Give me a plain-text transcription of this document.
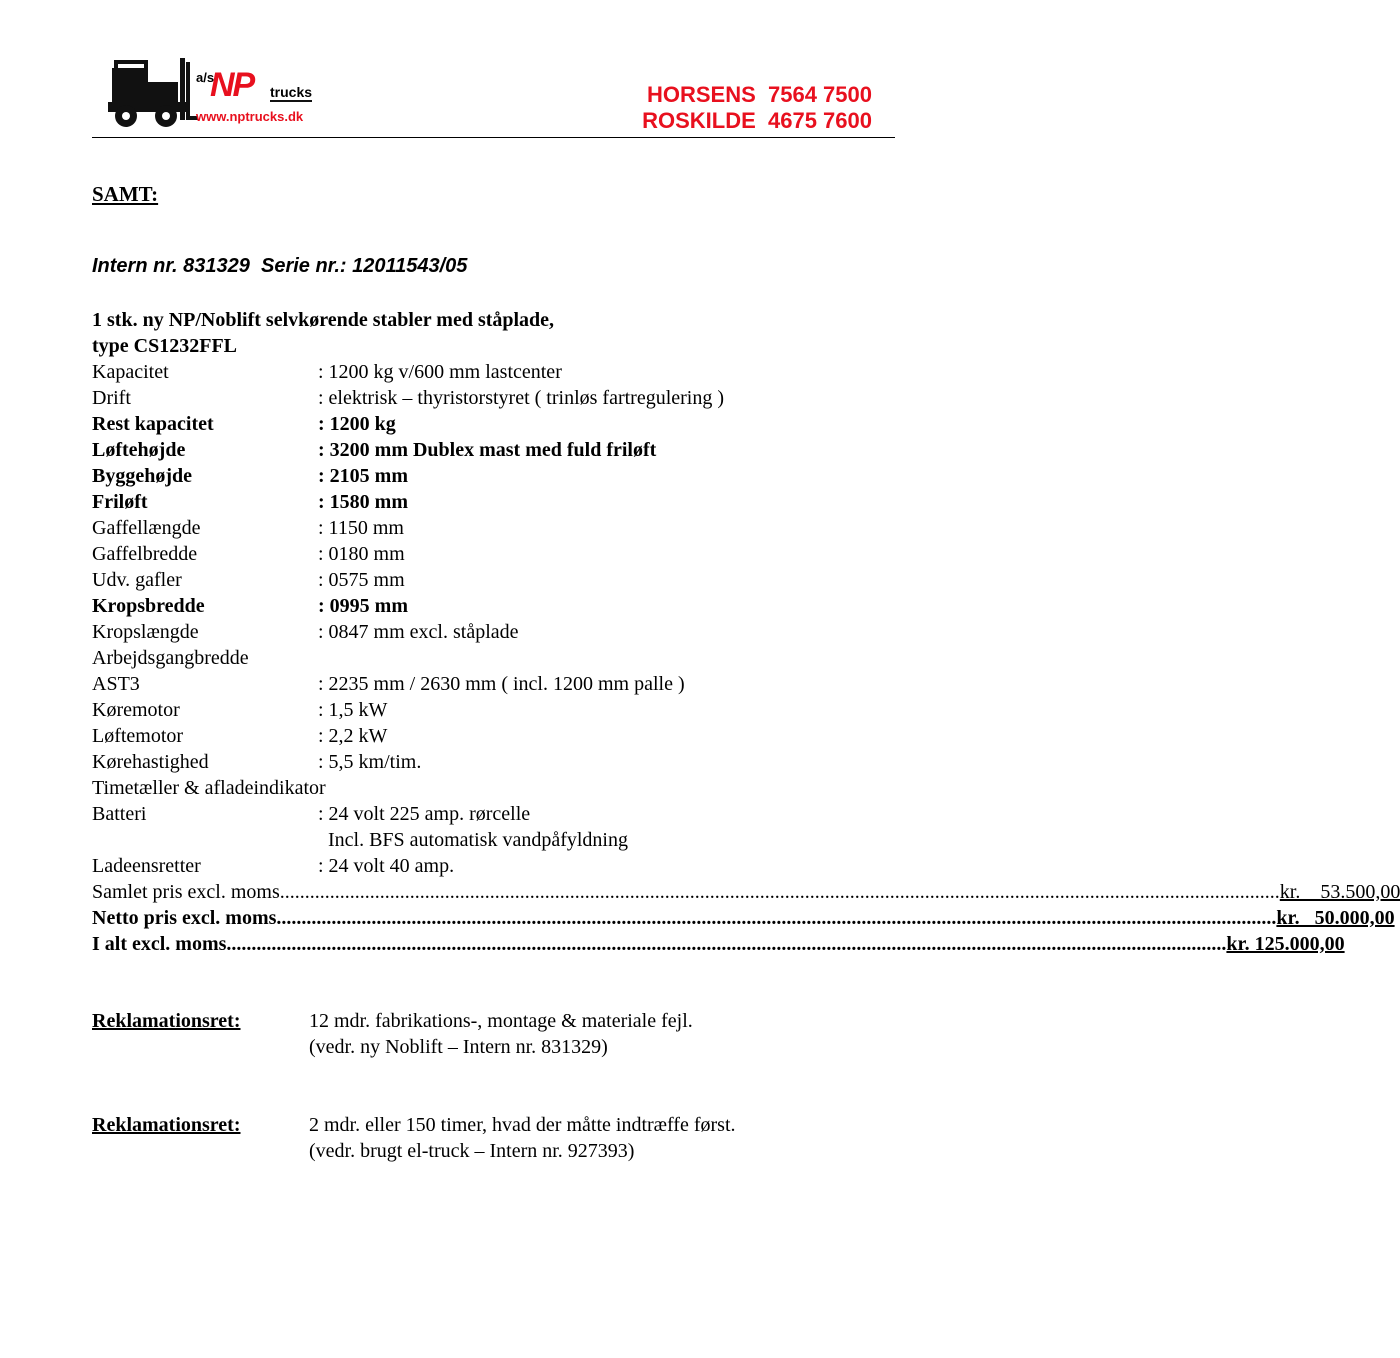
a/s
NP trucks
www.nptrucks.dk
HORSENS  7564 7500
ROSKILDE  4675 7600
SAMT:
Intern nr. 831329  Serie nr.: 12011543/05
1 stk. ny NP/Noblift selvkørende stabler med ståplade,
type CS1232FFL
Kapacitet	: 1200 kg v/600 mm lastcenter
Drift	: elektrisk – thyristorstyret ( trinløs fartregulering )
Rest kapacitet	: 1200 kg
Løftehøjde	: 3200 mm Dublex mast med fuld friløft
Byggehøjde	: 2105 mm
Friløft	: 1580 mm
Gaffellængde	: 1150 mm
Gaffelbredde	: 0180 mm
Udv. gafler	: 0575 mm
Kropsbredde	: 0995 mm
Kropslængde	: 0847 mm excl. ståplade
Arbejdsgangbredde
AST3	: 2235 mm / 2630 mm ( incl. 1200 mm palle )
Køremotor	: 1,5 kW
Løftemotor	: 2,2 kW
Kørehastighed	: 5,5 km/tim.
Timetæller & afladeindikator
Batteri	: 24 volt 225 amp. rørcelle
Incl. BFS automatisk vandpåfyldning
Ladeensretter	: 24 volt 40 amp.
Samlet pris excl. moms ........................................................................................................................................................................................................ kr.    53.500,00
Netto pris excl. moms ........................................................................................................................................................................................................ kr.   50.000,00
I alt excl. moms ........................................................................................................................................................................................................ kr. 125.000,00
Reklamationsret:	12 mdr. fabrikations-, montage & materiale fejl.
(vedr. ny Noblift – Intern nr. 831329)
Reklamationsret:	2 mdr. eller 150 timer, hvad der måtte indtræffe først.
(vedr. brugt el-truck – Intern nr. 927393)
